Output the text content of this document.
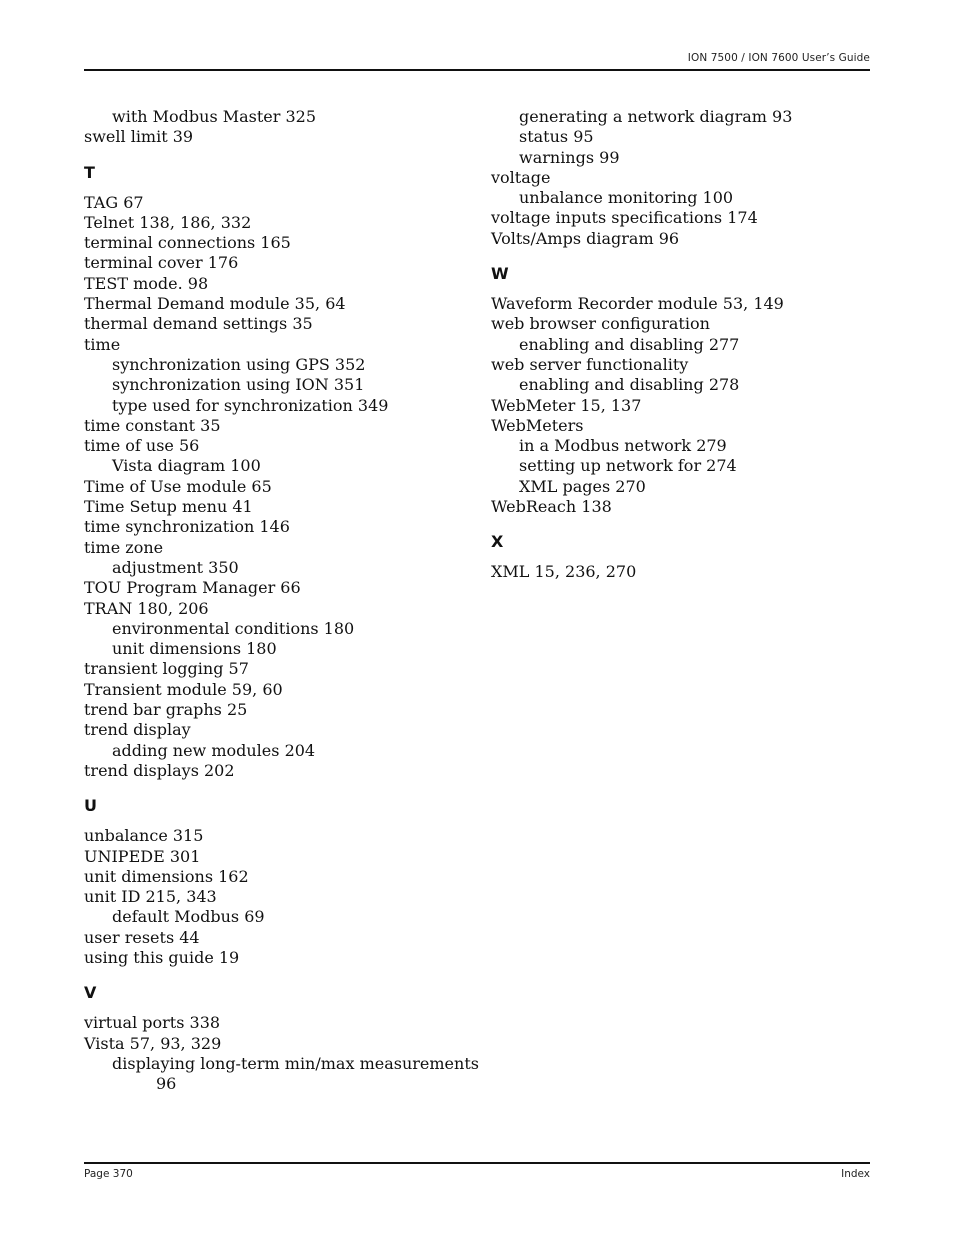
ION 7500 / ION 7600 User’s Guide
with Modbus Master 325
swell limit 39
T
TAG 67
Telnet 138, 186, 332
terminal connections 165
terminal cover 176
TEST mode. 98
Thermal Demand module 35, 64
thermal demand settings 35
time
synchronization using GPS 352
synchronization using ION 351
type used for synchronization 349
time constant 35
time of use 56
Vista diagram 100
Time of Use module 65
Time Setup menu 41
time synchronization 146
time zone
adjustment 350
TOU Program Manager 66
TRAN 180, 206
environmental conditions 180
unit dimensions 180
transient logging 57
Transient module 59, 60
trend bar graphs 25
trend display
adding new modules 204
trend displays 202
U
unbalance 315
UNIPEDE 301
unit dimensions 162
unit ID 215, 343
default Modbus 69
user resets 44
using this guide 19
V
virtual ports 338
Vista 57, 93, 329
displaying long-term min/max measurements
96
generating a network diagram 93
status 95
warnings 99
voltage
unbalance monitoring 100
voltage inputs specifications 174
Volts/Amps diagram 96
W
Waveform Recorder module 53, 149
web browser configuration
enabling and disabling 277
web server functionality
enabling and disabling 278
WebMeter 15, 137
WebMeters
in a Modbus network 279
setting up network for 274
XML pages 270
WebReach 138
X
XML 15, 236, 270
Page 370	Index
